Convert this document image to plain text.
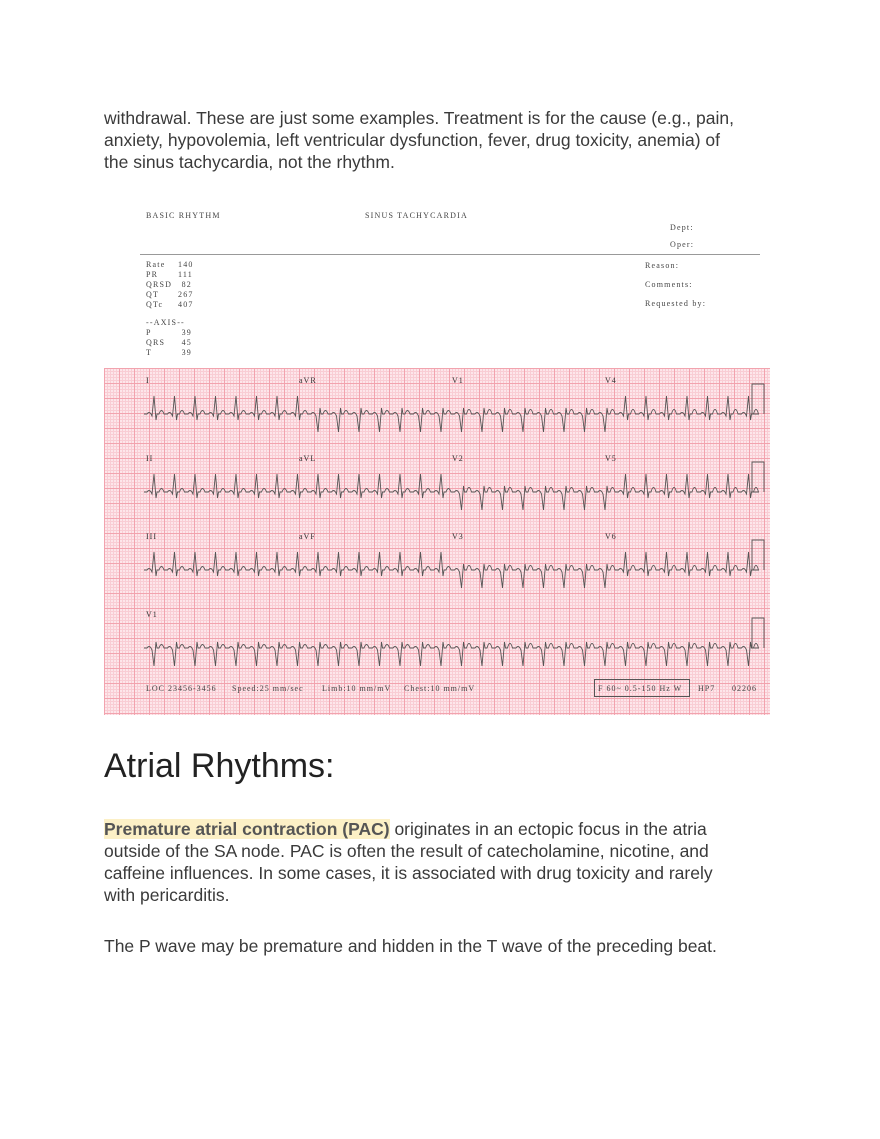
withdrawal. These are just some examples. Treatment is for the cause (e.g., pain, anxiety, hypovolemia, left ventricular dysfunction, fever, drug toxicity, anemia) of the sinus tachycardia, not the rhythm.

BASIC RHYTHM	SINUS TACHYCARDIA
Dept:
Oper:
Rate 140
PR 111
QRSD	82
QT 267
QTc 407
--AXIS--
P	39
QRS	45
T	39
Reason:
Comments:
Requested by:
I	aVR	V1	V4
II	aVL	V2	V5
III	aVF	V3	V6
V1
LOC 23456-3456 Speed:25 mm/sec Limb:10 mm/mV Chest:10 mm/mV	F 60~ 0.5-150 Hz W HP7 02206
Atrial Rhythms:

Premature atrial contraction (PAC) originates in an ectopic focus in the atria outside of the SA node. PAC is often the result of catecholamine, nicotine, and caffeine influences. In some cases, it is associated with drug toxicity and rarely with pericarditis.

The P wave may be premature and hidden in the T wave of the preceding beat.
